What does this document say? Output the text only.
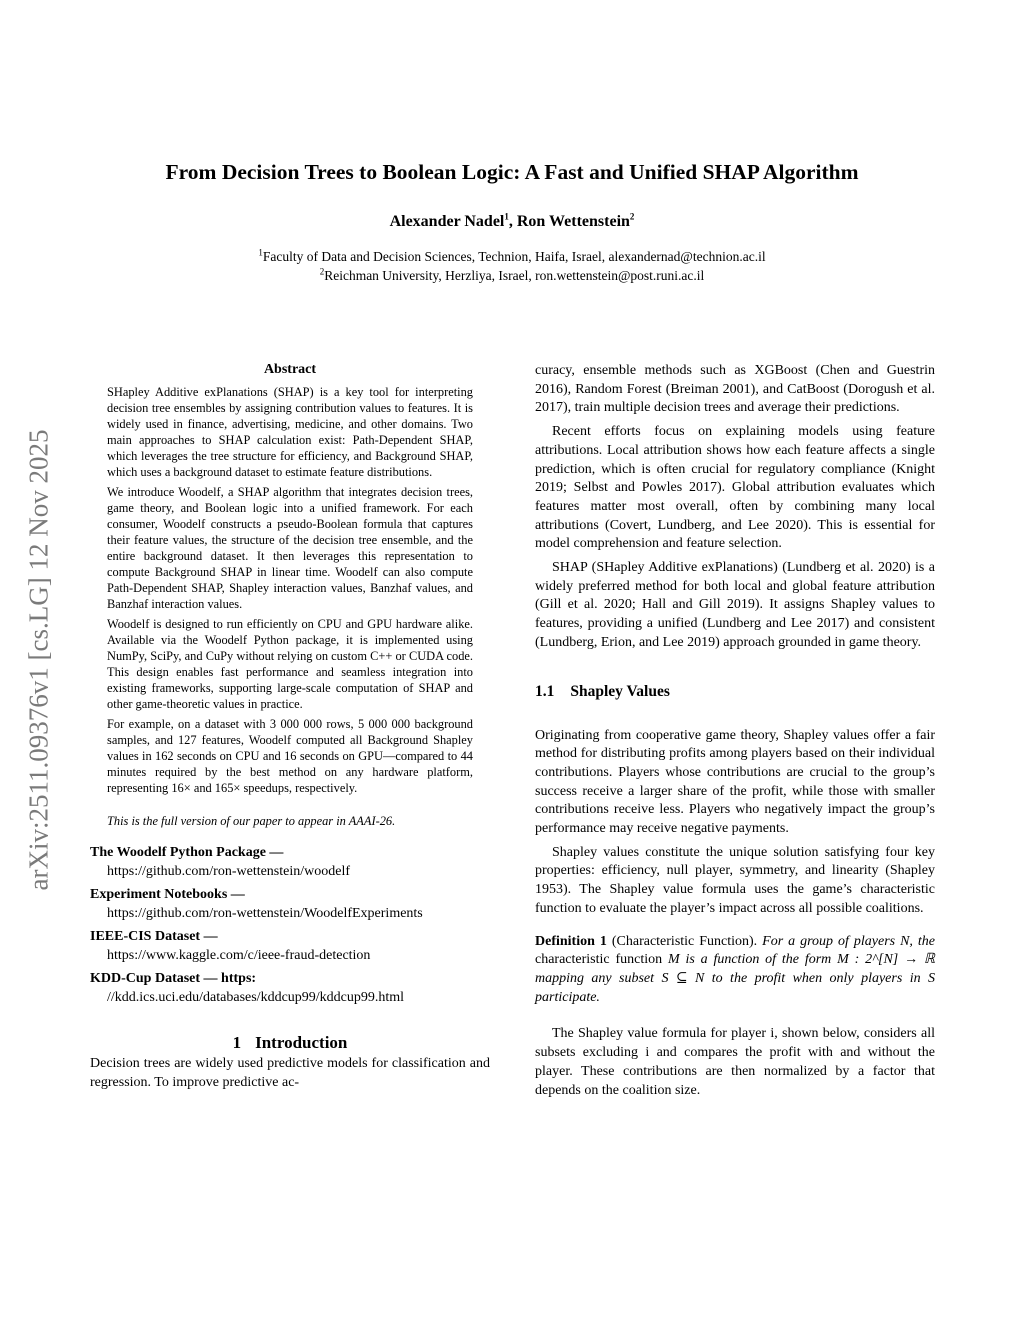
From Decision Trees to Boolean Logic: A Fast and Unified SHAP Algorithm
Alexander Nadel$^1$, Ron Wettenstein$^2$
$^1$Faculty of Data and Decision Sciences, Technion, Haifa, Israel, alexandernad@technion.ac.il
$^2$Reichman University, Herzliya, Israel, ron.wettenstein@post.runi.ac.il
arXiv:2511.09376v1 [cs.LG] 12 Nov 2025
Abstract

SHapley Additive exPlanations (SHAP) is a key tool for interpreting decision tree ensembles by assigning contribution values to features. It is widely used in finance, advertising, medicine, and other domains. Two main approaches to SHAP calculation exist: Path-Dependent SHAP, which leverages the tree structure for efficiency, and Background SHAP, which uses a background dataset to estimate feature distributions.

We introduce Woodelf, a SHAP algorithm that integrates decision trees, game theory, and Boolean logic into a unified framework. For each consumer, Woodelf constructs a pseudo-Boolean formula that captures their feature values, the structure of the decision tree ensemble, and the entire background dataset. It then leverages this representation to compute Background SHAP in linear time. Woodelf can also compute Path-Dependent SHAP, Shapley interaction values, Banzhaf values, and Banzhaf interaction values.

Woodelf is designed to run efficiently on CPU and GPU hardware alike. Available via the Woodelf Python package, it is implemented using NumPy, SciPy, and CuPy without relying on custom C++ or CUDA code. This design enables fast performance and seamless integration into existing frameworks, supporting large-scale computation of SHAP and other game-theoretic values in practice.

For example, on a dataset with 3 000 000 rows, 5 000 000 background samples, and 127 features, Woodelf computed all Background Shapley values in 162 seconds on CPU and 16 seconds on GPU—compared to 44 minutes required by the best method on any hardware platform, representing 16× and 165× speedups, respectively.

This is the full version of our paper to appear in AAAI-26.

The Woodelf Python Package —
https://github.com/ron-wettenstein/woodelf
Experiment Notebooks —
https://github.com/ron-wettenstein/WoodelfExperiments
IEEE-CIS Dataset —
https://www.kaggle.com/c/ieee-fraud-detection
KDD-Cup Dataset — https:
//kdd.ics.uci.edu/databases/kddcup99/kddcup99.html
1 Introduction

Decision trees are widely used predictive models for classification and regression. To improve predictive ac-

curacy, ensemble methods such as XGBoost (Chen and Guestrin 2016), Random Forest (Breiman 2001), and CatBoost (Dorogush et al. 2017), train multiple decision trees and average their predictions.

Recent efforts focus on explaining models using feature attributions. Local attribution shows how each feature affects a single prediction, which is often crucial for regulatory compliance (Knight 2019; Selbst and Powles 2017). Global attribution evaluates which features matter most overall, often by combining many local attributions (Covert, Lundberg, and Lee 2020). This is essential for model comprehension and feature selection.

SHAP (SHapley Additive exPlanations) (Lundberg et al. 2020) is a widely preferred method for both local and global feature attribution (Gill et al. 2020; Hall and Gill 2019). It assigns Shapley values to features, providing a unified (Lundberg and Lee 2017) and consistent (Lundberg, Erion, and Lee 2019) approach grounded in game theory.

1.1 Shapley Values

Originating from cooperative game theory, Shapley values offer a fair method for distributing profits among players based on their individual contributions. Players whose contributions are crucial to the group’s success receive a larger share of the profit, while those with smaller contributions receive less. Players who negatively impact the group’s performance may receive negative payments.

Shapley values constitute the unique solution satisfying four key properties: efficiency, null player, symmetry, and linearity (Shapley 1953). The Shapley value formula uses the game’s characteristic function to evaluate the player’s impact across all possible coalitions.

Definition 1 (Characteristic Function). For a group of players N, the characteristic function M is a function of the form M : 2^[N] → ℝ mapping any subset S ⊆ N to the profit when only players in S participate.

The Shapley value formula for player i, shown below, considers all subsets excluding i and compares the profit with and without the player. These contributions are then normalized by a factor that depends on the coalition size.
